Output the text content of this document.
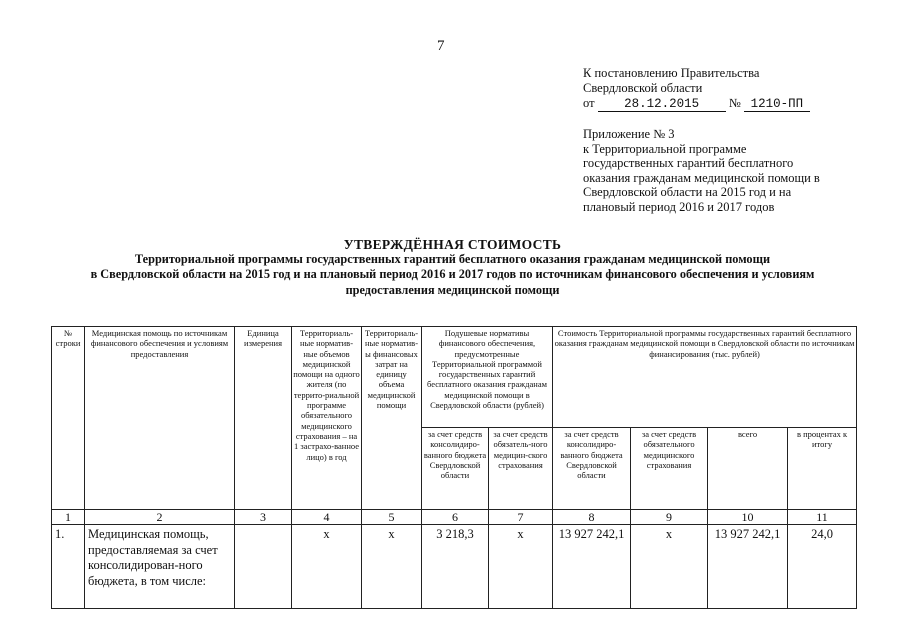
7
К постановлению Правительства
Свердловской области
от 28.12.2015 № 1210-ПП
Приложение № 3
к Территориальной программе
государственных гарантий бесплатного
оказания гражданам медицинской помощи в
Свердловской области на 2015 год и на
плановый период 2016 и 2017 годов
УТВЕРЖДЁННАЯ СТОИМОСТЬ
Территориальной программы государственных гарантий бесплатного оказания гражданам медицинской помощи
в Свердловской области на 2015 год и на плановый период 2016 и 2017 годов по источникам финансового обеспечения и условиям
предоставления медицинской помощи
№ строки	Медицинская помощь по источникам финансового обеспечения и условиям предоставления	Единица измерения	Территориаль-ные норматив-ные объемов медицинской помощи на одного жителя (по террито-риальной программе обязательного медицинского страхования – на 1 застрахо-ванное лицо) в год	Территориаль-ные норматив-ы финансовых затрат на единицу объема медицинской помощи	Подушевые нормативы финансового обеспечения, предусмотренные Территориальной программой государственных гарантий бесплатного оказания гражданам медицинской помощи в Свердловской области (рублей)		Стоимость Территориальной программы государственных гарантий бесплатного оказания гражданам медицинской помощи в Свердловской области по источникам финансирования (тыс. рублей)			
					за счет средств консолидиро-ванного бюджета Свердловской области	за счет средств обязатель-ного медицин-ского страхования	за счет средств консолидиро-ванного бюджета Свердловской области	за счет средств обязательного медицинского страхования	всего	в процентах к итогу
1	2	3	4	5	6	7	8	9	10	11
1.	Медицинская помощь, предоставляемая за счет консолидирован-ного бюджета, в том числе:		х	х	3 218,3	х	13 927 242,1	х	13 927 242,1	24,0
